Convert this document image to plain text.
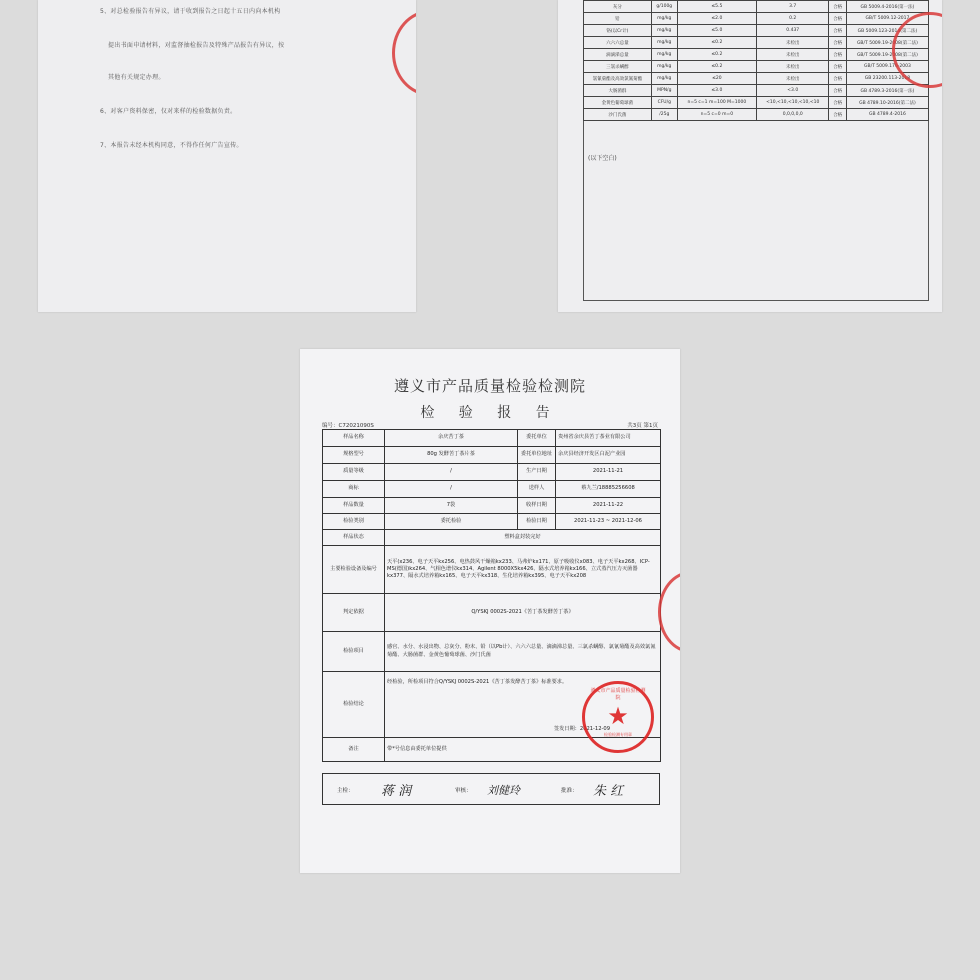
5、对总检验报告有异议，请于收到报告之日起十五日内向本机构
提出书面申请材料，对监督抽检报告及特殊产品报告有异议，按
其他有关规定办理。
6、对客户资料保密，仅对来样的检验数据负责。
7、本报告未经本机构同意，不得作任何广告宣传。
灰分	g/100g	≤5.5	3.7	合格	GB 5009.4-2016(第一法)
铅	mg/kg	≤2.0	0.2	合格	GB/T 5009.12-2017
铬(以Cr计)	mg/kg	≤5.0	0.437	合格	GB 5009.123-2014(第二法)
六六六总量	mg/kg	≤0.2	未检出	合格	GB/T 5009.19-2008(第二法)
滴滴涕总量	mg/kg	≤0.2	未检出	合格	GB/T 5009.19-2008(第二法)
三氯杀螨醇	mg/kg	≤0.2	未检出	合格	GB/T 5009.176-2003
氯氰菊酯及高效氯氰菊酯	mg/kg	≤20	未检出	合格	GB 23200.113-2018
大肠菌群	MPN/g	≤3.0	<3.0	合格	GB 4789.3-2016(第一法)
金黄色葡萄球菌	CFU/g	n=5 c=1 m=100 M=1000	<10,<10,<10,<10,<10	合格	GB 4789.10-2016(第二法)
沙门氏菌	/25g	n=5 c=0 m=0	0,0,0,0,0	合格	GB 4789.4-2016
(以下空白)
遵义市产品质量检验检测院
检 验 报 告
编号：C72021090S	共3页 第1页
样品名称	余庆苦丁茶	委托单位	贵州省余庆县苦丁茶业有限公司
规格型号	80g 发酵苦丁茶片茶	委托单位地址	余庆县经济开发区白泥产业园
质量等级	/	生产日期	2021-11-21
商标	/	送样人	蔡九兰/18885256608
样品数量	7袋	收样日期	2021-11-22
检验类别	委托检验	检验日期	2021-11-23 ~ 2021-12-06
样品状态	塑料盒封装完好		
主要检验设备及编号	天平(x236、电子天平kx256、电热鼓风干燥箱kx233、马弗炉kx171、原子吸收仪x083、电子天平kx268、ICP-MS(德国)kx264、气相色谱仪kx314、Agilent 8000X5kx426、隔水式培养箱kx166、立式蒸汽压力灭菌器kx377、隔水式培养箱kx165、电子天平kx318、生化培养箱kx395、电子天平kx208		
判定依据	Q/YSKJ 0002S-2021《苦丁茶发酵苦丁茶》		
检验项目	感官、水分、水浸出物、总灰分、粉末、铅（以Pb计）、六六六总量、滴滴涕总量、三氯杀螨醇、氯氰菊酯及高效氯氰菊酯、大肠菌群、金黄色葡萄球菌、沙门氏菌		
检验结论	经检验，所检项目符合Q/YSKJ 0002S-2021《苦丁茶发酵苦丁茶》标准要求。
签发日期：2021-12-09		

备注	带*号信息由委托单位提供		
主检： 蒋 润	审核： 刘健玲	批准： 朱 红
遵义市产品质量检验检测院
★
检验检测专用章
